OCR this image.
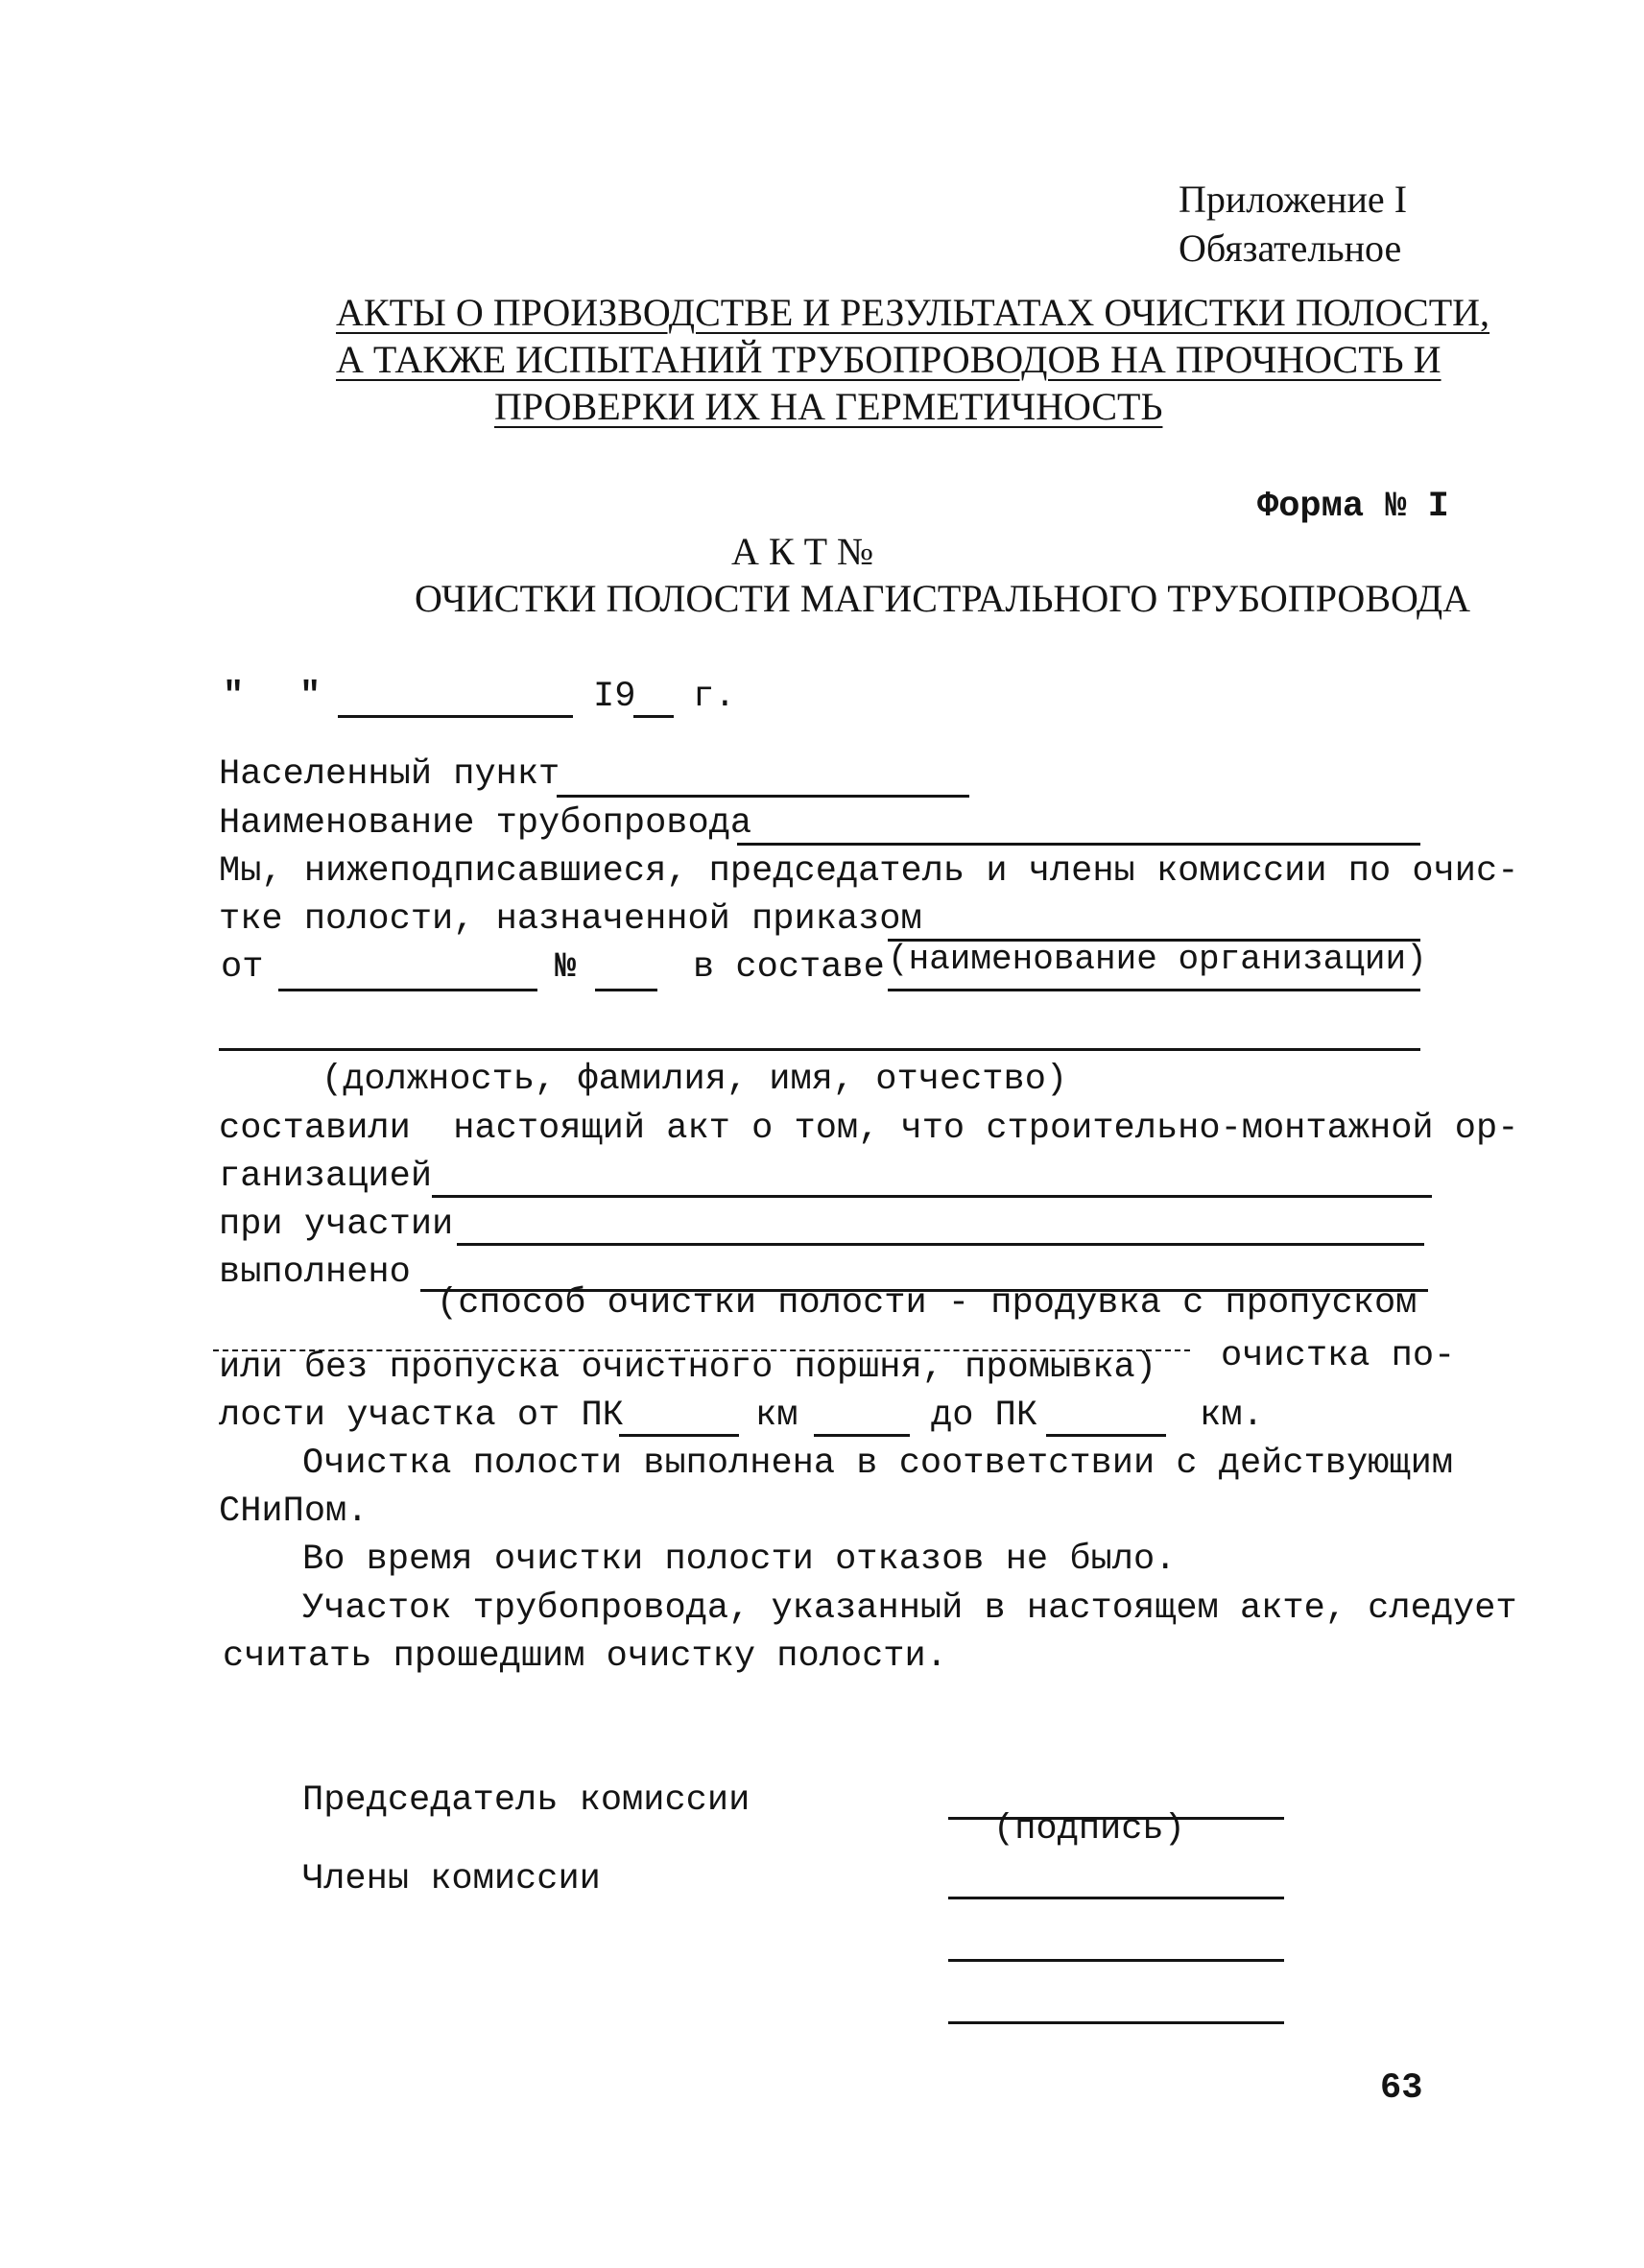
Приложение I
Обязательное
АКТЫ О ПРОИЗВОДСТВЕ И РЕЗУЛЬТАТАХ ОЧИСТКИ ПОЛОСТИ,
А ТАКЖЕ ИСПЫТАНИЙ ТРУБОПРОВОДОВ НА ПРОЧНОСТЬ И
ПРОВЕРКИ ИХ НА ГЕРМЕТИЧНОСТЬ
Форма № I
А К Т №
ОЧИСТКИ ПОЛОСТИ МАГИСТРАЛЬНОГО ТРУБОПРОВОДА
" "	I9 г.
Населенный пункт
Наименование трубопровода
Мы, нижеподписавшиеся, председатель и члены комиссии по очис-
тке полости, назначенной приказом
от	№	в составе (наименование организации)
(должность, фамилия, имя, отчество)
составили  настоящий акт о том, что строительно-монтажной ор-
ганизацией
при участии
выполнено
(способ очистки полости - продувка с пропуском
или без пропуска очистного поршня, промывка) очистка по-
лости участка от ПК	км	до ПК	км.
Очистка полости выполнена в соответствии с действующим
СНиПом.
Во время очистки полости отказов не было.
Участок трубопровода, указанный в настоящем акте, следует
считать прошедшим очистку полости.
Председатель комиссии
(подпись)
Члены комиссии
63
